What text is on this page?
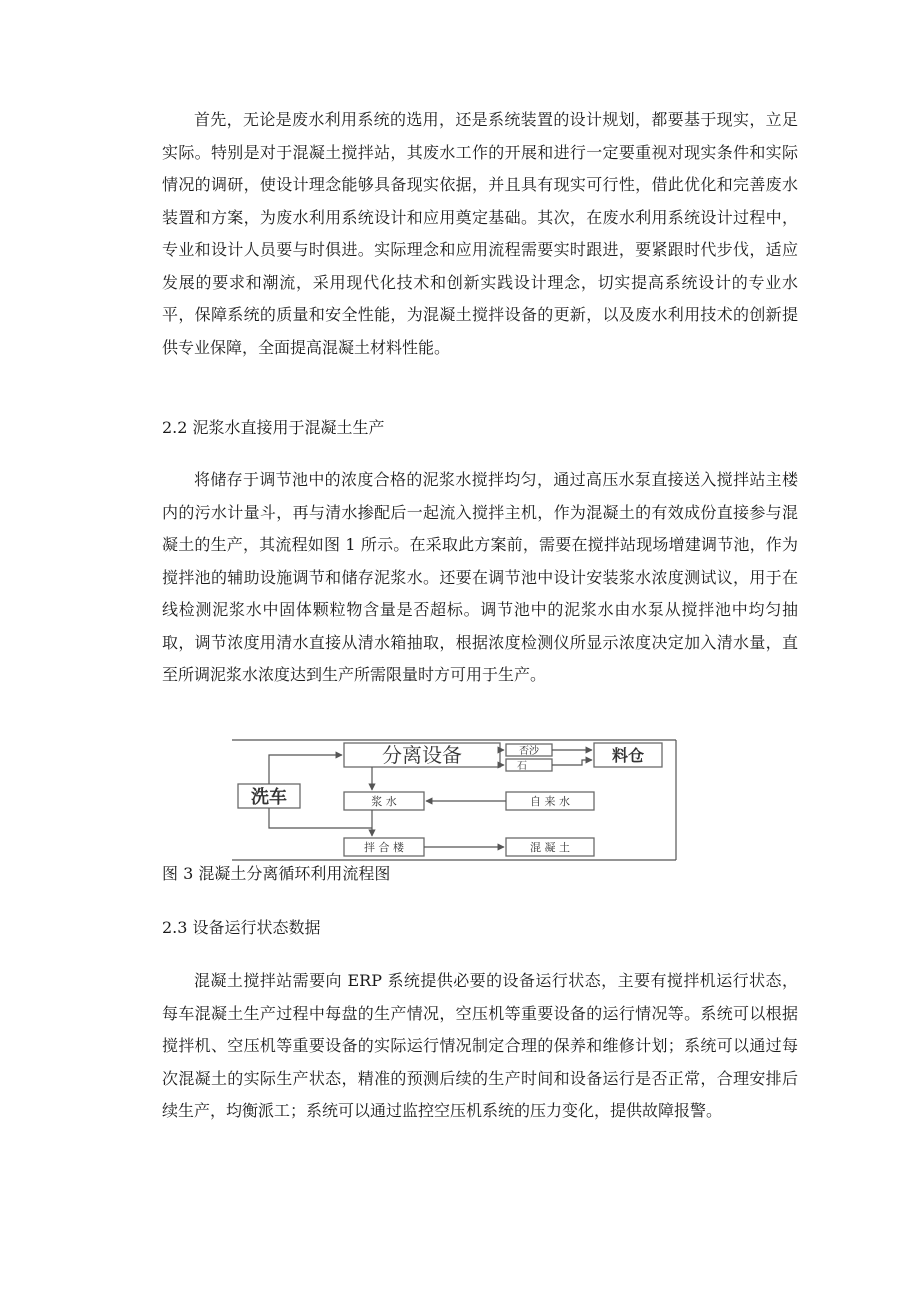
首先，无论是废水利用系统的选用，还是系统装置的设计规划，都要基于现实，立足实际。特别是对于混凝土搅拌站，其废水工作的开展和进行一定要重视对现实条件和实际情况的调研，使设计理念能够具备现实依据，并且具有现实可行性，借此优化和完善废水装置和方案，为废水利用系统设计和应用奠定基础。其次，在废水利用系统设计过程中，专业和设计人员要与时俱进。实际理念和应用流程需要实时跟进，要紧跟时代步伐，适应发展的要求和潮流，采用现代化技术和创新实践设计理念，切实提高系统设计的专业水平，保障系统的质量和安全性能，为混凝土搅拌设备的更新，以及废水利用技术的创新提供专业保障，全面提高混凝土材料性能。

2.2 泥浆水直接用于混凝土生产

将储存于调节池中的浓度合格的泥浆水搅拌均匀，通过高压水泵直接送入搅拌站主楼内的污水计量斗，再与清水掺配后一起流入搅拌主机，作为混凝土的有效成份直接参与混凝土的生产，其流程如图 1 所示。在采取此方案前，需要在搅拌站现场增建调节池，作为搅拌池的辅助设施调节和储存泥浆水。还要在调节池中设计安装浆水浓度测试议，用于在线检测泥浆水中固体颗粒物含量是否超标。调节池中的泥浆水由水泵从搅拌池中均匀抽取，调节浓度用清水直接从清水箱抽取，根据浓度检测仪所显示浓度决定加入清水量，直至所调泥浆水浓度达到生产所需限量时方可用于生产。

分离设备	否沙
石
料仓
洗车	浆 水	自 来 水
拌 合 楼	混 凝 土

图 3 混凝土分离循环利用流程图

2.3 设备运行状态数据

混凝土搅拌站需要向 ERP 系统提供必要的设备运行状态，主要有搅拌机运行状态，每车混凝土生产过程中每盘的生产情况，空压机等重要设备的运行情况等。系统可以根据搅拌机、空压机等重要设备的实际运行情况制定合理的保养和维修计划；系统可以通过每次混凝土的实际生产状态，精准的预测后续的生产时间和设备运行是否正常，合理安排后续生产，均衡派工；系统可以通过监控空压机系统的压力变化，提供故障报警。
